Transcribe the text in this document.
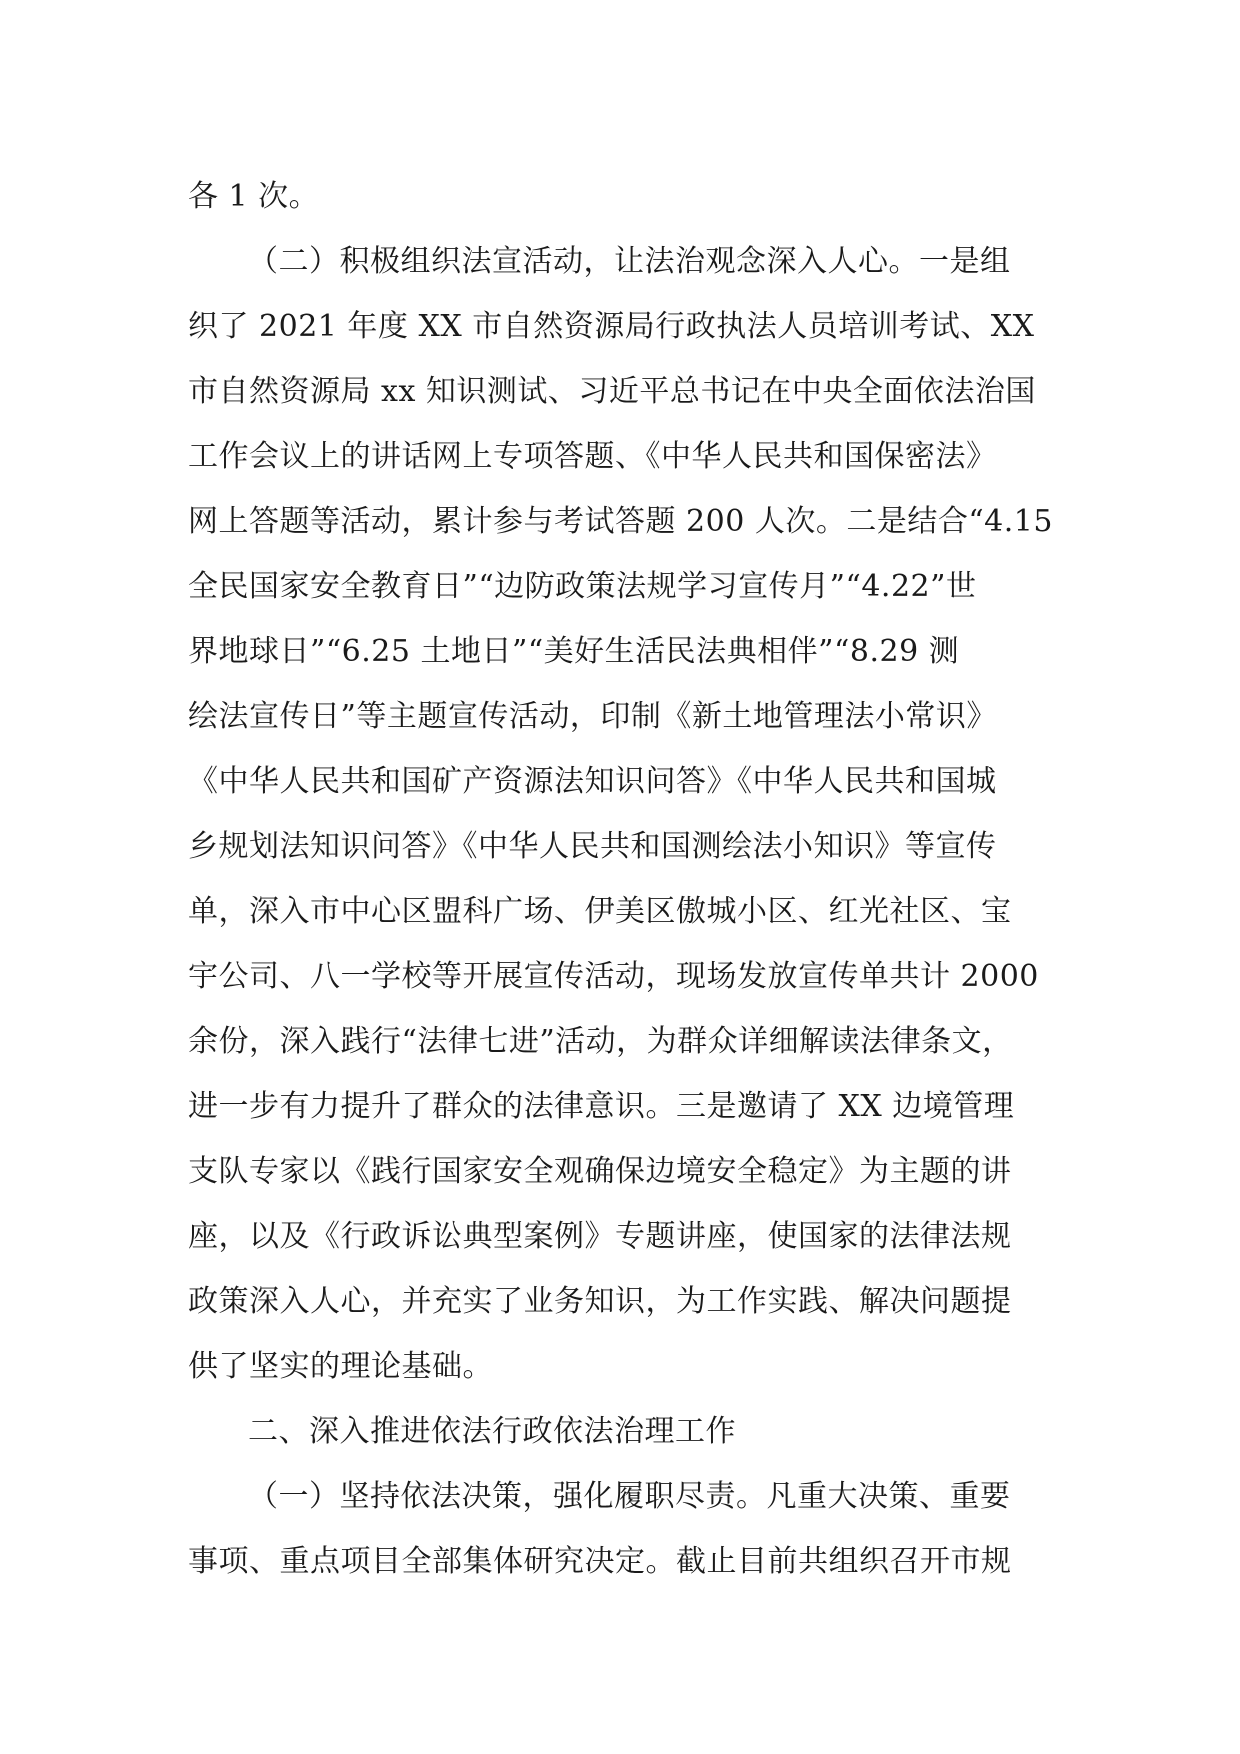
各 1 次。
（二）积极组织法宣活动，让法治观念深入人心。一是组
织了 2021 年度 XX 市自然资源局行政执法人员培训考试、XX
市自然资源局 xx 知识测试、习近平总书记在中央全面依法治国
工作会议上的讲话网上专项答题、《中华人民共和国保密法》
网上答题等活动，累计参与考试答题 200 人次。二是结合“4.15
全民国家安全教育日”“边防政策法规学习宣传月”“4.22”世
界地球日”“6.25 土地日”“美好生活民法典相伴”“8.29 测
绘法宣传日”等主题宣传活动，印制《新土地管理法小常识》
《中华人民共和国矿产资源法知识问答》《中华人民共和国城
乡规划法知识问答》《中华人民共和国测绘法小知识》等宣传
单，深入市中心区盟科广场、伊美区傲城小区、红光社区、宝
宇公司、八一学校等开展宣传活动，现场发放宣传单共计 2000
余份，深入践行“法律七进”活动，为群众详细解读法律条文，
进一步有力提升了群众的法律意识。三是邀请了 XX 边境管理
支队专家以《践行国家安全观确保边境安全稳定》为主题的讲
座，以及《行政诉讼典型案例》专题讲座，使国家的法律法规
政策深入人心，并充实了业务知识，为工作实践、解决问题提
供了坚实的理论基础。
二、深入推进依法行政依法治理工作
（一）坚持依法决策，强化履职尽责。凡重大决策、重要
事项、重点项目全部集体研究决定。截止目前共组织召开市规
